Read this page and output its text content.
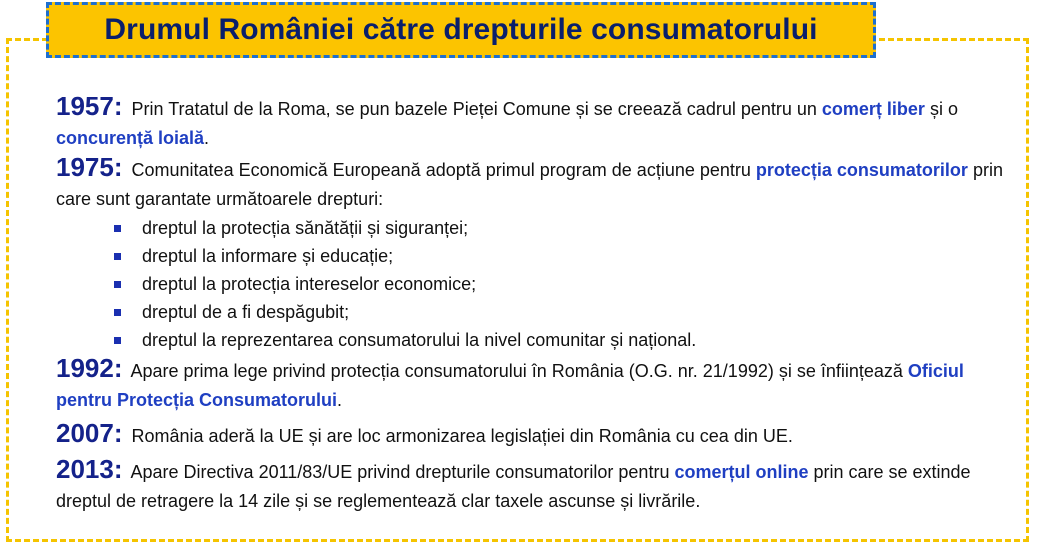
Drumul României către drepturile consumatorului

1957: Prin Tratatul de la Roma, se pun bazele Pieței Comune și se creează cadrul pentru un comerț liber și o concurență loială.

1975: Comunitatea Economică Europeană adoptă primul program de acțiune pentru protecția consumatorilor prin care sunt garantate următoarele drepturi:

dreptul la protecția sănătății și siguranței;
dreptul la informare și educație;
dreptul la protecția intereselor economice;
dreptul de a fi despăgubit;
dreptul la reprezentarea consumatorului la nivel comunitar și național.

1992: Apare prima lege privind protecția consumatorului în România (O.G. nr. 21/1992) și se înființează Oficiul pentru Protecția Consumatorului.

2007: România aderă la UE și are loc armonizarea legislației din România cu cea din UE.

2013: Apare Directiva 2011/83/UE privind drepturile consumatorilor pentru comerțul online prin care se extinde dreptul de retragere la 14 zile și se reglementează clar taxele ascunse și livrările.
